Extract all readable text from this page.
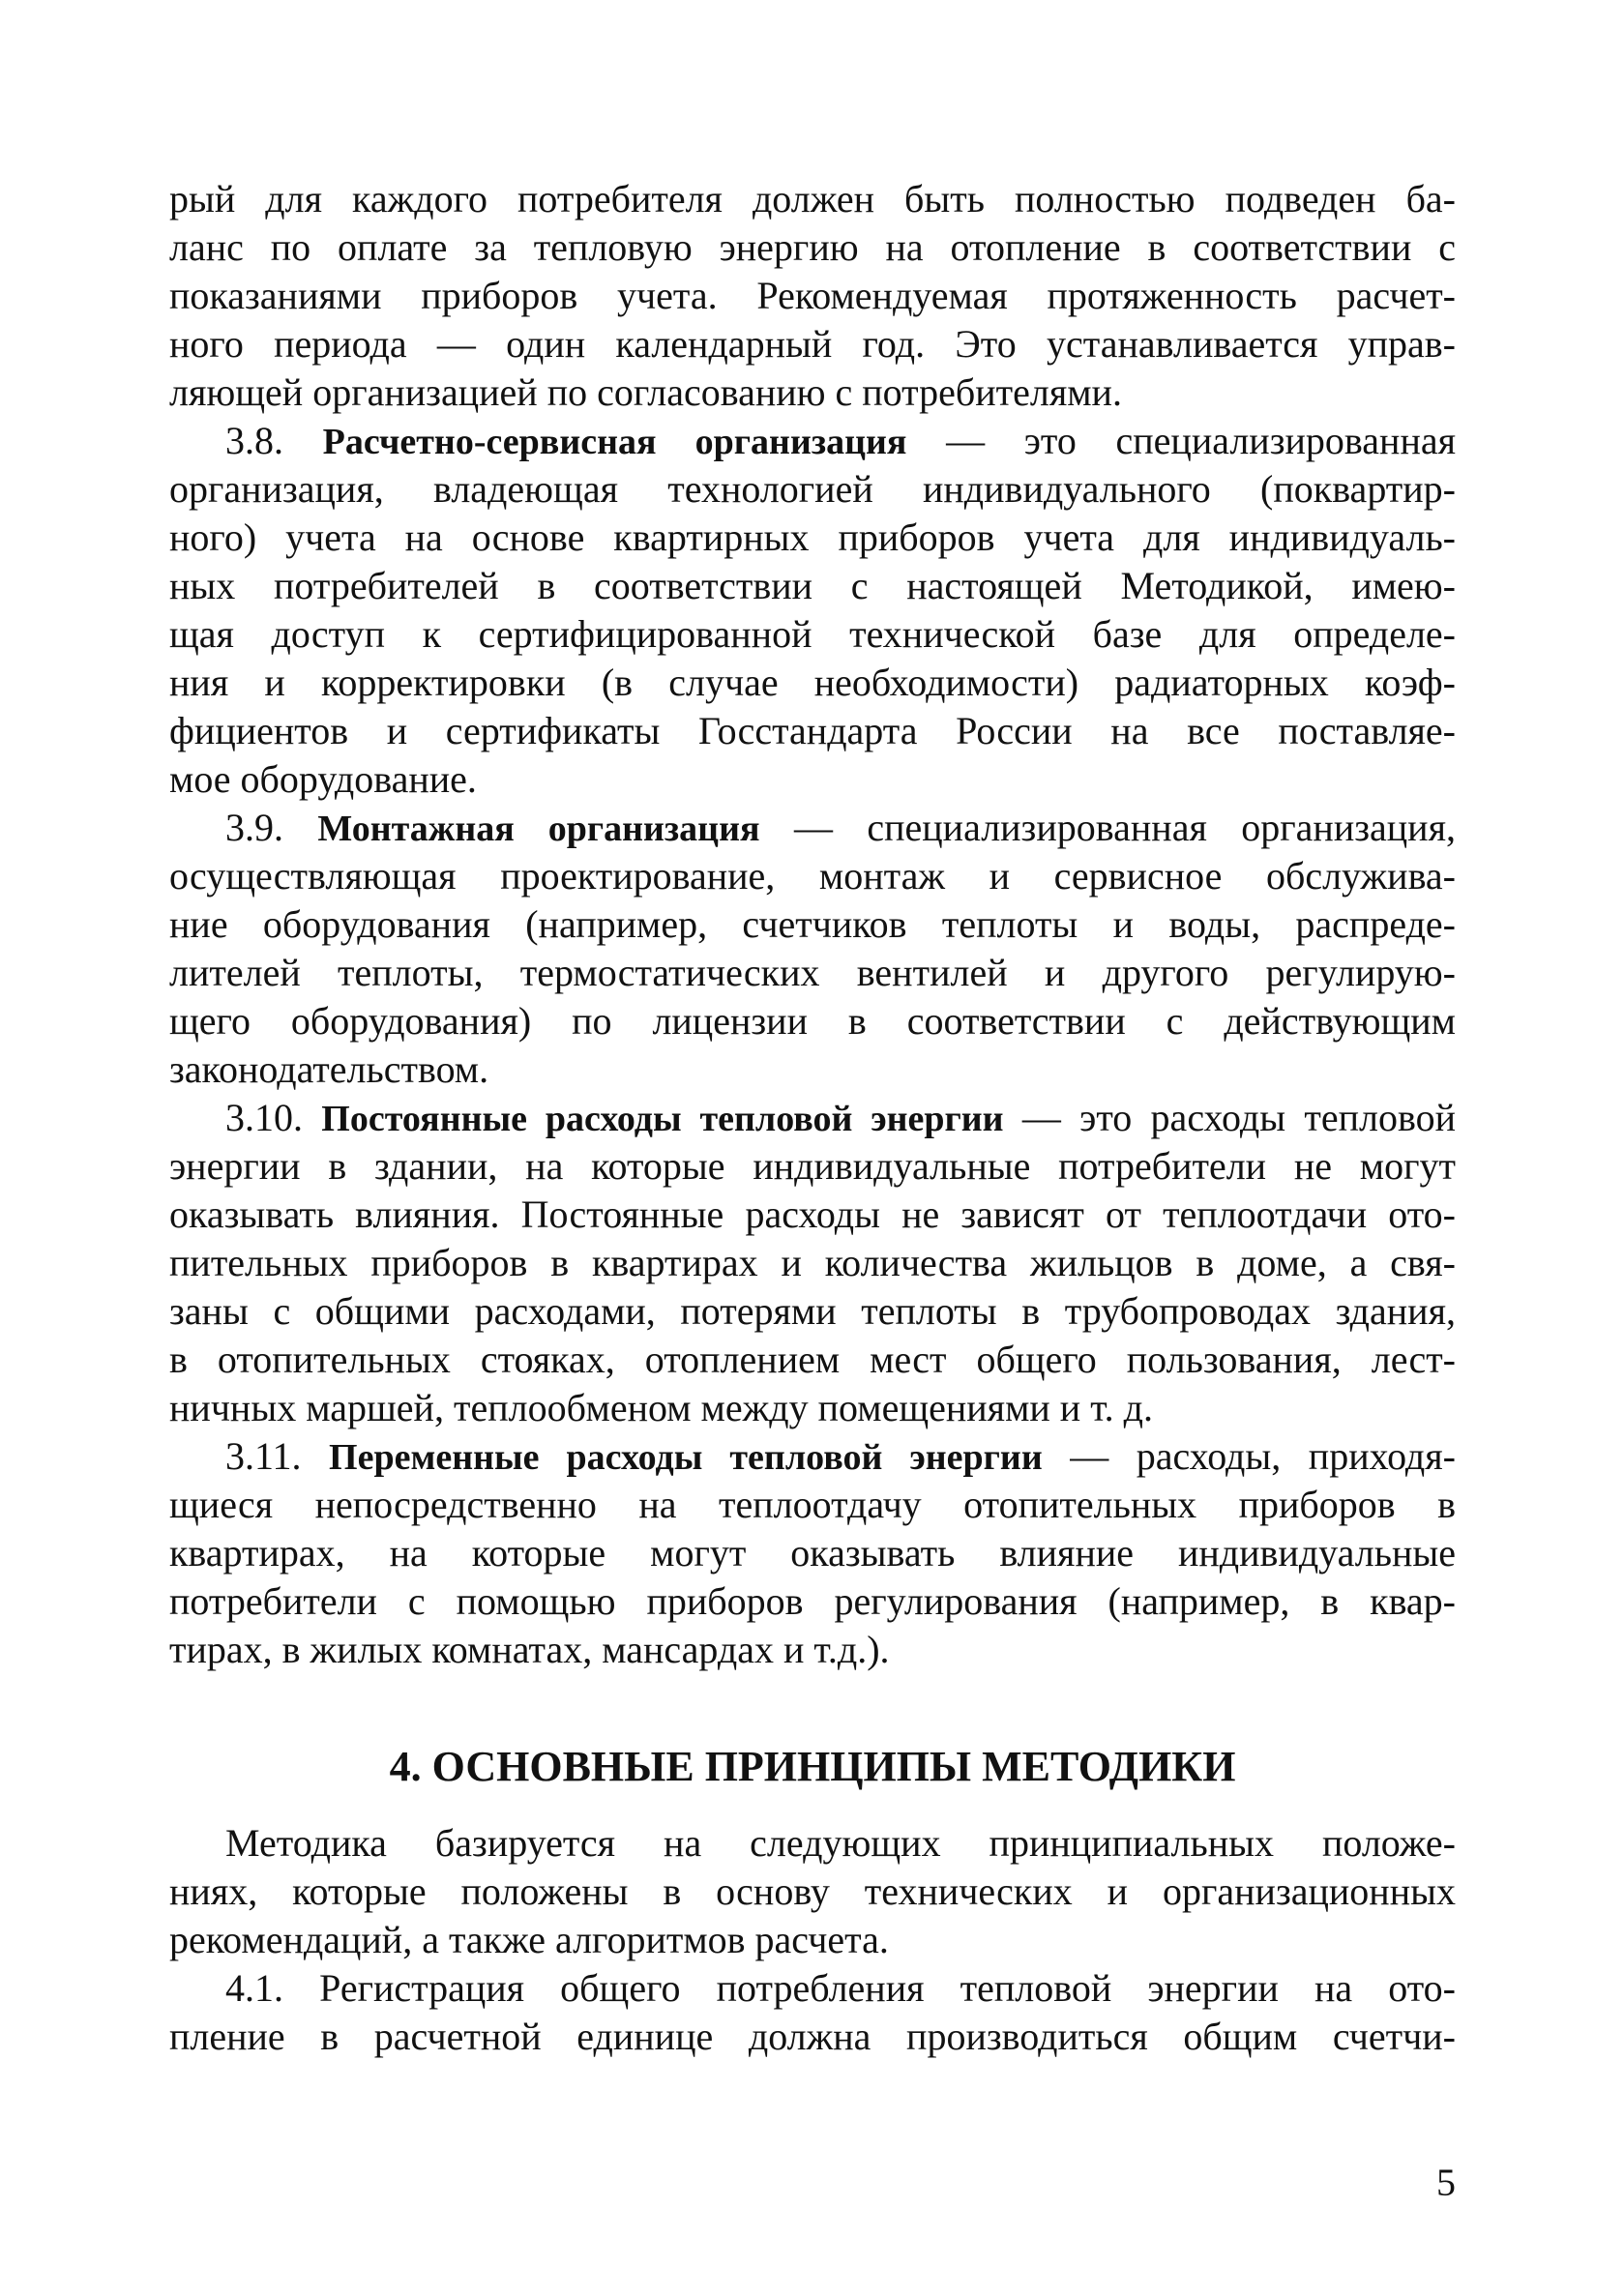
рый для каждого потребителя должен быть полностью подведен ба-
ланс по оплате за тепловую энергию на отопление в соответствии с
показаниями приборов учета. Рекомендуемая протяженность расчет-
ного периода — один календарный год. Это устанавливается управ-
ляющей организацией по согласованию с потребителями.
3.8. Расчетно-сервисная организация — это специализированная
организация, владеющая технологией индивидуального (поквартир-
ного) учета на основе квартирных приборов учета для индивидуаль-
ных потребителей в соответствии с настоящей Методикой, имею-
щая доступ к сертифицированной технической базе для определе-
ния и корректировки (в случае необходимости) радиаторных коэф-
фициентов и сертификаты Госстандарта России на все поставляе-
мое оборудование.
3.9. Монтажная организация — специализированная организация,
осуществляющая проектирование, монтаж и сервисное обслужива-
ние оборудования (например, счетчиков теплоты и воды, распреде-
лителей теплоты, термостатических вентилей и другого регулирую-
щего оборудования) по лицензии в соответствии с действующим
законодательством.
3.10. Постоянные расходы тепловой энергии — это расходы тепловой
энергии в здании, на которые индивидуальные потребители не могут
оказывать влияния. Постоянные расходы не зависят от теплоотдачи ото-
пительных приборов в квартирах и количества жильцов в доме, а свя-
заны с общими расходами, потерями теплоты в трубопроводах здания,
в отопительных стояках, отоплением мест общего пользования, лест-
ничных маршей, теплообменом между помещениями и т. д.
3.11. Переменные расходы тепловой энергии — расходы, приходя-
щиеся непосредственно на теплоотдачу отопительных приборов в
квартирах, на которые могут оказывать влияние индивидуальные
потребители с помощью приборов регулирования (например, в квар-
тирах, в жилых комнатах, мансардах и т.д.).
4. ОСНОВНЫЕ ПРИНЦИПЫ МЕТОДИКИ
Методика базируется на следующих принципиальных положе-
ниях, которые положены в основу технических и организационных
рекомендаций, а также алгоритмов расчета.
4.1. Регистрация общего потребления тепловой энергии на ото-
пление в расчетной единице должна производиться общим счетчи-
5
